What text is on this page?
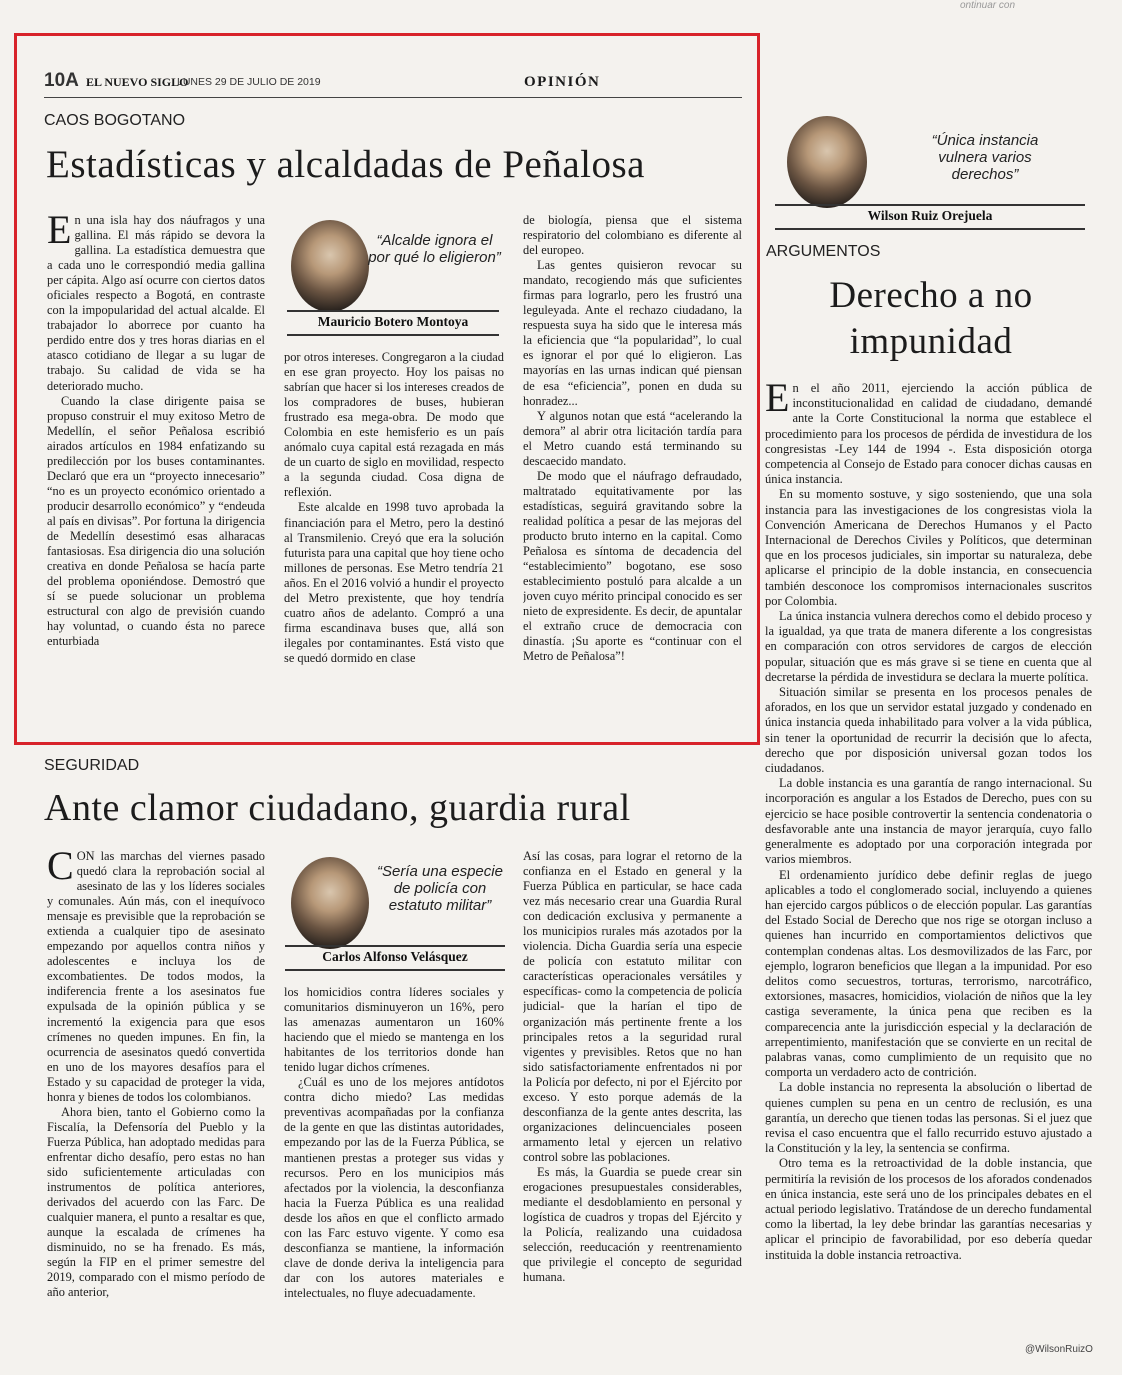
ontinuar con
10A EL NUEVO SIGLO
LUNES 29 DE JULIO DE 2019	OPINIÓN
CAOS BOGOTANO
Estadísticas y alcaldadas de Peñalosa

En una isla hay dos náufragos y una gallina. El más rápido se devora la gallina. La estadística demuestra que a cada uno le correspondió media gallina per cápita. Algo así ocurre con ciertos datos oficiales respecto a Bogotá, en contraste con la impopularidad del actual alcalde. El trabajador lo aborrece por cuanto ha perdido entre dos y tres horas diarias en el atasco cotidiano de llegar a su lugar de trabajo. Su calidad de vida se ha deteriorado mucho.

Cuando la clase dirigente paisa se propuso construir el muy exitoso Metro de Medellín, el señor Peñalosa escribió airados artículos en 1984 enfatizando su predilección por los buses contaminantes. Declaró que era un “proyecto innecesario” “no es un proyecto económico orientado a producir desarrollo económico” y “endeuda al país en divisas”. Por fortuna la dirigencia de Medellín desestimó esas alharacas fantasiosas. Esa dirigencia dio una solución creativa en donde Peñalosa se hacía parte del problema oponiéndose. Demostró que sí se puede solucionar un problema estructural con algo de previsión cuando hay voluntad, o cuando ésta no parece enturbiada

“Alcalde ignora el por qué lo eligieron”
Mauricio Botero Montoya

por otros intereses. Congregaron a la ciudad en ese gran proyecto. Hoy los paisas no sabrían que hacer si los intereses creados de los compradores de buses, hubieran frustrado esa mega-obra. De modo que Colombia en este hemisferio es un país anómalo cuya capital está rezagada en más de un cuarto de siglo en movilidad, respecto a la segunda ciudad. Cosa digna de reflexión.

Este alcalde en 1998 tuvo aprobada la financiación para el Metro, pero la destinó al Transmilenio. Creyó que era la solución futurista para una capital que hoy tiene ocho millones de personas. Ese Metro tendría 21 años. En el 2016 volvió a hundir el proyecto del Metro prexistente, que hoy tendría cuatro años de adelanto. Compró a una firma escandinava buses que, allá son ilegales por contaminantes. Está visto que se quedó dormido en clase

de biología, piensa que el sistema respiratorio del colombiano es diferente al del europeo.

Las gentes quisieron revocar su mandato, recogiendo más que suficientes firmas para lograrlo, pero les frustró una leguleyada. Ante el rechazo ciudadano, la respuesta suya ha sido que le interesa más la eficiencia que “la popularidad”, lo cual es ignorar el por qué lo eligieron. Las mayorías en las urnas indican qué piensan de esa “eficiencia”, ponen en duda su honradez...

Y algunos notan que está “acelerando la demora” al abrir otra licitación tardía para el Metro cuando está terminando su descaecido mandato.

De modo que el náufrago defraudado, maltratado equitativamente por las estadísticas, seguirá gravitando sobre la realidad política a pesar de las mejoras del producto bruto interno en la capital. Como Peñalosa es síntoma de decadencia del “establecimiento” bogotano, ese soso establecimiento postuló para alcalde a un joven cuyo mérito principal conocido es ser nieto de expresidente. Es decir, de apuntalar el extraño cruce de democracia con dinastía. ¡Su aporte es “continuar con el Metro de Peñalosa”!

SEGURIDAD
Ante clamor ciudadano, guardia rural

CON las marchas del viernes pasado quedó clara la reprobación social al asesinato de las y los líderes sociales y comunales. Aún más, con el inequívoco mensaje es previsible que la reprobación se extienda a cualquier tipo de asesinato empezando por aquellos contra niños y adolescentes e incluya los de excombatientes. De todos modos, la indiferencia frente a los asesinatos fue expulsada de la opinión pública y se incrementó la exigencia para que esos crímenes no queden impunes. En fin, la ocurrencia de asesinatos quedó convertida en uno de los mayores desafíos para el Estado y su capacidad de proteger la vida, honra y bienes de todos los colombianos.

Ahora bien, tanto el Gobierno como la Fiscalía, la Defensoría del Pueblo y la Fuerza Pública, han adoptado medidas para enfrentar dicho desafío, pero estas no han sido suficientemente articuladas con instrumentos de política anteriores, derivados del acuerdo con las Farc. De cualquier manera, el punto a resaltar es que, aunque la escalada de crímenes ha disminuido, no se ha frenado. Es más, según la FIP en el primer semestre del 2019, comparado con el mismo período de año anterior,

“Sería una especie de policía con estatuto militar”
Carlos Alfonso Velásquez

los homicidios contra líderes sociales y comunitarios disminuyeron un 16%, pero las amenazas aumentaron un 160% haciendo que el miedo se mantenga en los habitantes de los territorios donde han tenido lugar dichos crímenes.

¿Cuál es uno de los mejores antídotos contra dicho miedo? Las medidas preventivas acompañadas por la confianza de la gente en que las distintas autoridades, empezando por las de la Fuerza Pública, se mantienen prestas a proteger sus vidas y recursos. Pero en los municipios más afectados por la violencia, la desconfianza hacia la Fuerza Pública es una realidad desde los años en que el conflicto armado con las Farc estuvo vigente. Y como esa desconfianza se mantiene, la información clave de donde deriva la inteligencia para dar con los autores materiales e intelectuales, no fluye adecuadamente.

Así las cosas, para lograr el retorno de la confianza en el Estado en general y la Fuerza Pública en particular, se hace cada vez más necesario crear una Guardia Rural con dedicación exclusiva y permanente a los municipios rurales más azotados por la violencia. Dicha Guardia sería una especie de policía con estatuto militar con características operacionales versátiles y específicas- como la competencia de policía judicial- que la harían el tipo de organización más pertinente frente a los principales retos a la seguridad rural vigentes y previsibles. Retos que no han sido satisfactoriamente enfrentados ni por la Policía por defecto, ni por el Ejército por exceso. Y esto porque además de la desconfianza de la gente antes descrita, las organizaciones delincuenciales poseen armamento letal y ejercen un relativo control sobre las poblaciones.

Es más, la Guardia se puede crear sin erogaciones presupuestales considerables, mediante el desdoblamiento en personal y logística de cuadros y tropas del Ejército y la Policía, realizando una cuidadosa selección, reeducación y reentrenamiento que privilegie el concepto de seguridad humana.

“Única instancia vulnera varios derechos”
Wilson Ruiz Orejuela
ARGUMENTOS
Derecho a no
impunidad

En el año 2011, ejerciendo la acción pública de inconstitucionalidad en calidad de ciudadano, demandé ante la Corte Constitucional la norma que establece el procedimiento para los procesos de pérdida de investidura de los congresistas -Ley 144 de 1994 -. Esta disposición otorga competencia al Consejo de Estado para conocer dichas causas en única instancia.

En su momento sostuve, y sigo sosteniendo, que una sola instancia para las investigaciones de los congresistas viola la Convención Americana de Derechos Humanos y el Pacto Internacional de Derechos Civiles y Políticos, que determinan que en los procesos judiciales, sin importar su naturaleza, debe aplicarse el principio de la doble instancia, en consecuencia también desconoce los compromisos internacionales suscritos por Colombia.

La única instancia vulnera derechos como el debido proceso y la igualdad, ya que trata de manera diferente a los congresistas en comparación con otros servidores de cargos de elección popular, situación que es más grave si se tiene en cuenta que al decretarse la pérdida de investidura se declara la muerte política.

Situación similar se presenta en los procesos penales de aforados, en los que un servidor estatal juzgado y condenado en única instancia queda inhabilitado para volver a la vida pública, sin tener la oportunidad de recurrir la decisión que lo afecta, derecho que por disposición universal gozan todos los ciudadanos.

La doble instancia es una garantía de rango internacional. Su incorporación es angular a los Estados de Derecho, pues con su ejercicio se hace posible controvertir la sentencia condenatoria o desfavorable ante una instancia de mayor jerarquía, cuyo fallo generalmente es adoptado por una corporación integrada por varios miembros.

El ordenamiento jurídico debe definir reglas de juego aplicables a todo el conglomerado social, incluyendo a quienes han ejercido cargos públicos o de elección popular. Las garantías del Estado Social de Derecho que nos rige se otorgan incluso a quienes han incurrido en comportamientos delictivos que contemplan condenas altas. Los desmovilizados de las Farc, por ejemplo, lograron beneficios que llegan a la impunidad. Por eso delitos como secuestros, torturas, terrorismo, narcotráfico, extorsiones, masacres, homicidios, violación de niños que la ley castiga severamente, la única pena que reciben es la comparecencia ante la jurisdicción especial y la declaración de arrepentimiento, manifestación que se convierte en un recital de palabras vanas, como cumplimiento de un requisito que no comporta un verdadero acto de contrición.

La doble instancia no representa la absolución o libertad de quienes cumplen su pena en un centro de reclusión, es una garantía, un derecho que tienen todas las personas. Si el juez que revisa el caso encuentra que el fallo recurrido estuvo ajustado a la Constitución y la ley, la sentencia se confirma.

Otro tema es la retroactividad de la doble instancia, que permitiría la revisión de los procesos de los aforados condenados en única instancia, este será uno de los principales debates en el actual periodo legislativo. Tratándose de un derecho fundamental como la libertad, la ley debe brindar las garantías necesarias y aplicar el principio de favorabilidad, por eso debería quedar instituida la doble instancia retroactiva.

@WilsonRuizO
